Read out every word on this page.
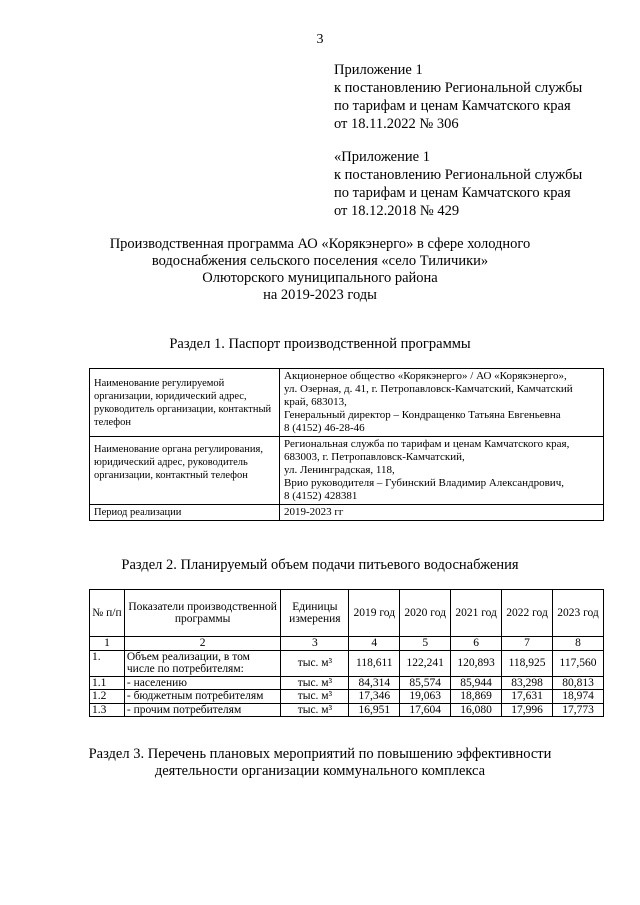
3
Приложение 1
к постановлению Региональной службы
по тарифам и ценам Камчатского края
от 18.11.2022 № 306
«Приложение 1
к постановлению Региональной службы
по тарифам и ценам Камчатского края
от 18.12.2018 № 429
Производственная программа АО «Корякэнерго» в сфере холодного
водоснабжения сельского поселения «село Тиличики»
Олюторского муниципального района
на 2019-2023 годы
Раздел 1. Паспорт производственной программы
Наименование регулируемой организации, юридический адрес, руководитель организации, контактный телефон	Акционерное общество «Корякэнерго» / АО «Корякэнерго»,
ул. Озерная, д. 41, г. Петропавловск-Камчатский, Камчатский
край, 683013,
Генеральный директор – Кондращенко Татьяна Евгеньевна
8 (4152) 46-28-46

Наименование органа регулирования, юридический адрес, руководитель организации, контактный телефон	Региональная служба по тарифам и ценам Камчатского края,
683003, г. Петропавловск-Камчатский,
ул. Ленинградская, 118,
Врио руководителя – Губинский Владимир Александрович,
8 (4152) 428381

Период реализации	2019-2023 гг
Раздел 2. Планируемый объем подачи питьевого водоснабжения
№ п/п	Показатели производственной программы	Единицы измерения	2019 год	2020 год	2021 год	2022 год	2023 год
1	2	3	4	5	6	7	8
1.	Объем реализации, в том числе по потребителям:	тыс. м³	118,611	122,241	120,893	118,925	117,560
1.1	- населению	тыс. м³	84,314	85,574	85,944	83,298	80,813
1.2	- бюджетным потребителям	тыс. м³	17,346	19,063	18,869	17,631	18,974
1.3	- прочим потребителям	тыс. м³	16,951	17,604	16,080	17,996	17,773
Раздел 3. Перечень плановых мероприятий по повышению эффективности
деятельности организации коммунального комплекса
